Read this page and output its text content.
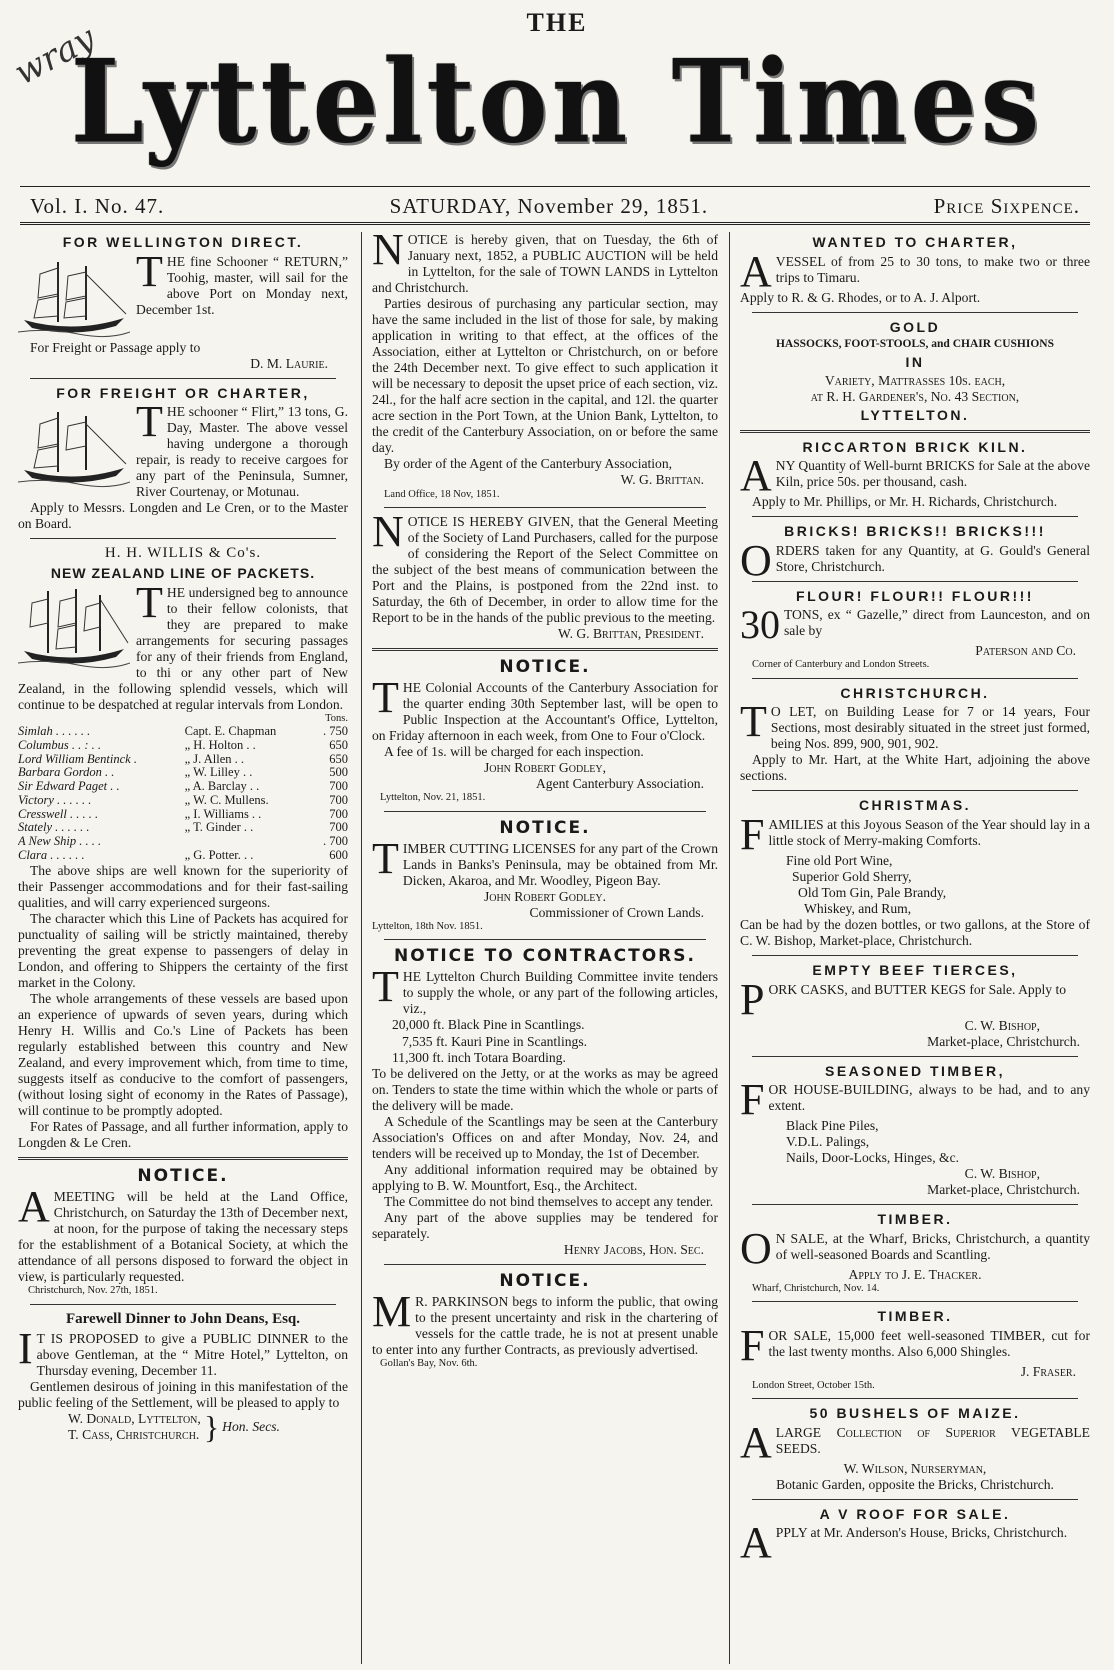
wray	THE
Lyttelton Times
Vol. I. No. 47.	SATURDAY, November 29, 1851.	Price Sixpence.
FOR WELLINGTON DIRECT.

THE fine Schooner “ RETURN,” Toohig, master, will sail for the above Port on Monday next, December 1st.

For Freight or Passage apply to

D. M. Laurie.

FOR FREIGHT OR CHARTER,

THE schooner “ Flirt,” 13 tons, G. Day, Master. The above vessel having undergone a thorough repair, is ready to receive cargoes for any part of the Peninsula, Sumner, River Courtenay, or Motunau.

Apply to Messrs. Longden and Le Cren, or to the Master on Board.

H. H. WILLIS & Co's.
NEW ZEALAND LINE OF PACKETS.

THE undersigned beg to announce to their fellow colonists, that they are prepared to make arrangements for securing passages for any of their friends from England, to thi or any other part of New Zealand, in the following splendid vessels, which will continue to be despatched at regular intervals from London.

Tons.

Simlah . . . . . .	Capt. E. Chapman	. 750
Columbus . . : . .	„ H. Holton . .	650
Lord William Bentinck .	„ J. Allen . .	650
Barbara Gordon . .	„ W. Lilley . .	500
Sir Edward Paget . .	„ A. Barclay . .	700
Victory . . . . . .	„ W. C. Mullens.	700
Cresswell . . . . .	„ I. Williams . .	700
Stately . . . . . .	„ T. Ginder . .	700
A New Ship . . . .		. 700
Clara . . . . . .	„ G. Potter. . .	600

The above ships are well known for the superiority of their Passenger accommodations and for their fast-sailing qualities, and will carry experienced surgeons.

The character which this Line of Packets has acquired for punctuality of sailing will be strictly maintained, thereby preventing the great expense to passengers of delay in London, and offering to Shippers the certainty of the first market in the Colony.

The whole arrangements of these vessels are based upon an experience of upwards of seven years, during which Henry H. Willis and Co.'s Line of Packets has been regularly established between this country and New Zealand, and every improvement which, from time to time, suggests itself as conducive to the comfort of passengers, (without losing sight of economy in the Rates of Passage), will continue to be promptly adopted.

For Rates of Passage, and all further information, apply to Longden & Le Cren.

NOTICE.

A MEETING will be held at the Land Office, Christchurch, on Saturday the 13th of December next, at noon, for the purpose of taking the necessary steps for the establishment of a Botanical Society, at which the attendance of all persons disposed to forward the object in view, is particularly requested.

Christchurch, Nov. 27th, 1851.

Farewell Dinner to John Deans, Esq.

I T IS PROPOSED to give a PUBLIC DINNER to the above Gentleman, at the “ Mitre Hotel,” Lyttelton, on Thursday evening, December 11.

Gentlemen desirous of joining in this manifestation of the public feeling of the Settlement, will be pleased to apply to

W. Donald, Lyttelton,
T. Cass, Christchurch. } Hon. Secs.

NOTICE is hereby given, that on Tuesday, the 6th of January next, 1852, a PUBLIC AUCTION will be held in Lyttelton, for the sale of TOWN LANDS in Lyttelton and Christchurch.

Parties desirous of purchasing any particular section, may have the same included in the list of those for sale, by making application in writing to that effect, at the offices of the Association, either at Lyttelton or Christchurch, on or before the 24th December next. To give effect to such application it will be necessary to deposit the upset price of each section, viz. 24l., for the half acre section in the capital, and 12l. the quarter acre section in the Port Town, at the Union Bank, Lyttelton, to the credit of the Canterbury Association, on or before the same day.

By order of the Agent of the Canterbury Association,

W. G. Brittan.

Land Office, 18 Nov, 1851.

NOTICE IS HEREBY GIVEN, that the General Meeting of the Society of Land Purchasers, called for the purpose of considering the Report of the Select Committee on the subject of the best means of communication between the Port and the Plains, is postponed from the 22nd inst. to Saturday, the 6th of December, in order to allow time for the Report to be in the hands of the public previous to the meeting.

W. G. Brittan, President.

NOTICE.

THE Colonial Accounts of the Canterbury Association for the quarter ending 30th September last, will be open to Public Inspection at the Accountant's Office, Lyttelton, on Friday afternoon in each week, from One to Four o'Clock.

A fee of 1s. will be charged for each inspection.

John Robert Godley,

Agent Canterbury Association.

Lyttelton, Nov. 21, 1851.

NOTICE.

TIMBER CUTTING LICENSES for any part of the Crown Lands in Banks's Peninsula, may be obtained from Mr. Dicken, Akaroa, and Mr. Woodley, Pigeon Bay.

John Robert Godley.

Commissioner of Crown Lands.

Lyttelton, 18th Nov. 1851.

NOTICE TO CONTRACTORS.

THE Lyttelton Church Building Committee invite tenders to supply the whole, or any part of the following articles, viz.,

20,000 ft. Black Pine in Scantlings.

7,535 ft. Kauri Pine in Scantlings.

11,300 ft. inch Totara Boarding.

To be delivered on the Jetty, or at the works as may be agreed on. Tenders to state the time within which the whole or parts of the delivery will be made.

A Schedule of the Scantlings may be seen at the Canterbury Association's Offices on and after Monday, Nov. 24, and tenders will be received up to Monday, the 1st of December.

Any additional information required may be obtained by applying to B. W. Mountfort, Esq., the Architect.

The Committee do not bind themselves to accept any tender.

Any part of the above supplies may be tendered for separately.

Henry Jacobs, Hon. Sec.

NOTICE.

M R. PARKINSON begs to inform the public, that owing to the present uncertainty and risk in the chartering of vessels for the cattle trade, he is not at present unable to enter into any further Contracts, as previously advertised.

Gollan's Bay, Nov. 6th.

WANTED TO CHARTER,

A VESSEL of from 25 to 30 tons, to make two or three trips to Timaru.

Apply to R. & G. Rhodes, or to A. J. Alport.

GOLD

HASSOCKS, FOOT-STOOLS, and CHAIR CUSHIONS

IN

Variety, Mattrasses 10s. each,

at R. H. Gardener's, No. 43 Section,

LYTTELTON.
RICCARTON BRICK KILN.

ANY Quantity of Well-burnt BRICKS for Sale at the above Kiln, price 50s. per thousand, cash.

Apply to Mr. Phillips, or Mr. H. Richards, Christchurch.

BRICKS! BRICKS!! BRICKS!!!

ORDERS taken for any Quantity, at G. Gould's General Store, Christchurch.

FLOUR! FLOUR!! FLOUR!!!

30 TONS, ex “ Gazelle,” direct from Launceston, and on sale by

Paterson and Co.

Corner of Canterbury and London Streets.

CHRISTCHURCH.

T O LET, on Building Lease for 7 or 14 years, Four Sections, most desirably situated in the street just formed, being Nos. 899, 900, 901, 902.

Apply to Mr. Hart, at the White Hart, adjoining the above sections.

CHRISTMAS.

FAMILIES at this Joyous Season of the Year should lay in a little stock of Merry-making Comforts.

Fine old Port Wine,

Superior Gold Sherry,

Old Tom Gin, Pale Brandy,

Whiskey, and Rum,

Can be had by the dozen bottles, or two gallons, at the Store of C. W. Bishop, Market-place, Christchurch.

EMPTY BEEF TIERCES,

PORK CASKS, and BUTTER KEGS for Sale. Apply to

C. W. Bishop,

Market-place, Christchurch.

SEASONED TIMBER,

FOR HOUSE-BUILDING, always to be had, and to any extent.

Black Pine Piles,

V.D.L. Palings,

Nails, Door-Locks, Hinges, &c.

C. W. Bishop,

Market-place, Christchurch.

TIMBER.

O N SALE, at the Wharf, Bricks, Christchurch, a quantity of well-seasoned Boards and Scantling.

Apply to J. E. Thacker.

Wharf, Christchurch, Nov. 14.

TIMBER.

FOR SALE, 15,000 feet well-seasoned TIMBER, cut for the last twenty months. Also 6,000 Shingles.

J. Fraser.

London Street, October 15th.

50 BUSHELS OF MAIZE.

A LARGE Collection of Superior VEGETABLE SEEDS.

W. Wilson, Nurseryman,

Botanic Garden, opposite the Bricks, Christchurch.

A V ROOF FOR SALE.

APPLY at Mr. Anderson's House, Bricks, Christchurch.
